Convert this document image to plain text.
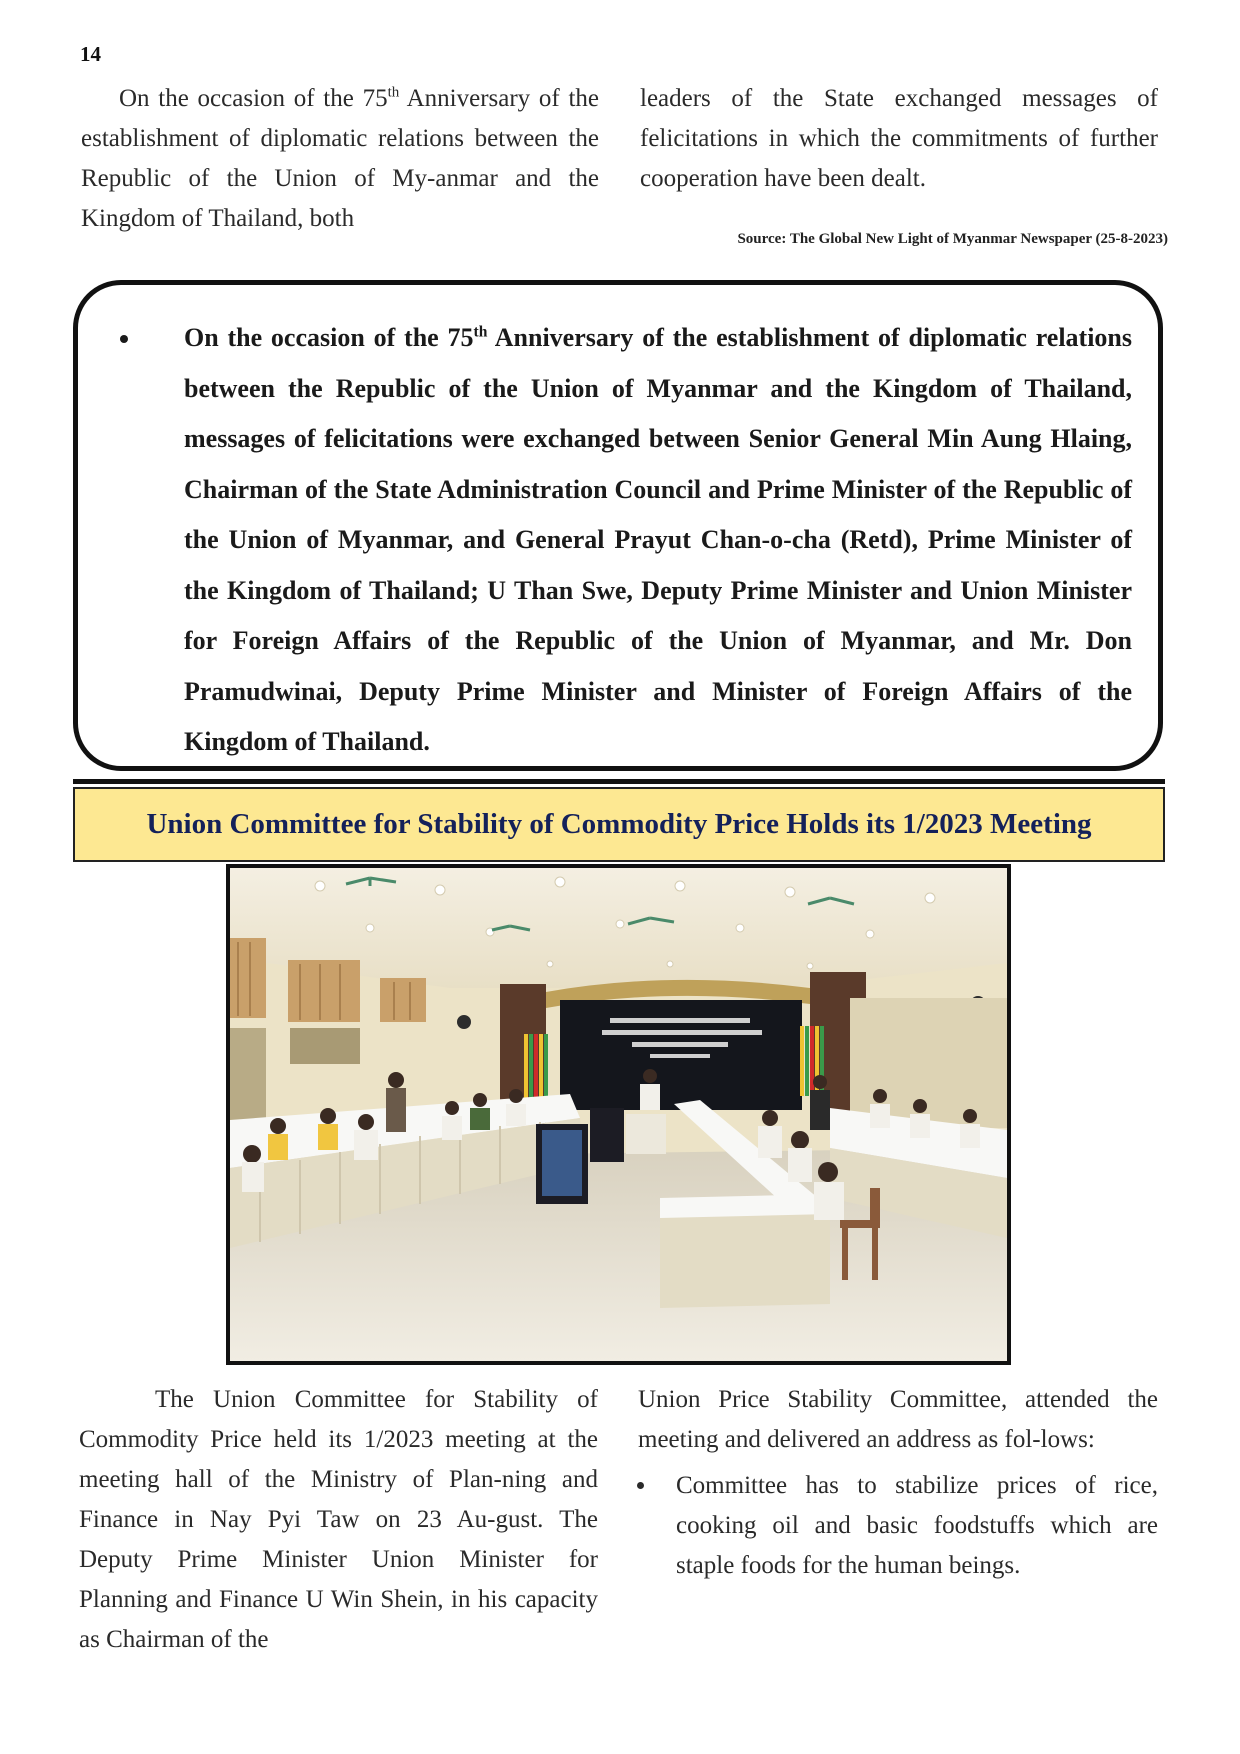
14

On the occasion of the 75th Anniversary of the establishment of diplomatic relations between the Republic of the Union of My-anmar and the Kingdom of Thailand, both

leaders of the State exchanged messages of felicitations in which the commitments of further cooperation have been dealt.

Source: The Global New Light of Myanmar Newspaper (25-8-2023)
• On the occasion of the 75th Anniversary of the establishment of diplomatic relations between the Republic of the Union of Myanmar and the Kingdom of Thailand, messages of felicitations were exchanged between Senior General Min Aung Hlaing, Chairman of the State Administration Council and Prime Minister of the Republic of the Union of Myanmar, and General Prayut Chan-o-cha (Retd), Prime Minister of the Kingdom of Thailand; U Than Swe, Deputy Prime Minister and Union Minister for Foreign Affairs of the Republic of the Union of Myanmar, and Mr. Don Pramudwinai, Deputy Prime Minister and Minister of Foreign Affairs of the Kingdom of Thailand.
Union Committee for Stability of Commodity Price Holds its 1/2023 Meeting

The Union Committee for Stability of Commodity Price held its 1/2023 meeting at the meeting hall of the Ministry of Plan-ning and Finance in Nay Pyi Taw on 23 Au-gust. The Deputy Prime Minister Union Minister for Planning and Finance U Win Shein, in his capacity as Chairman of the

Union Price Stability Committee, attended the meeting and delivered an address as fol-lows:

• Committee has to stabilize prices of rice, cooking oil and basic foodstuffs which are staple foods for the human beings.
